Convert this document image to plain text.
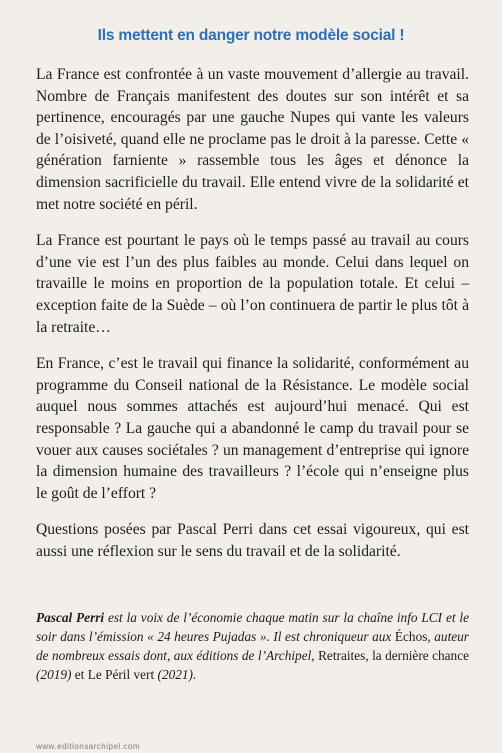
Ils mettent en danger notre modèle social !

La France est confrontée à un vaste mouvement d’allergie au travail. Nombre de Français manifestent des doutes sur son intérêt et sa pertinence, encouragés par une gauche Nupes qui vante les valeurs de l’oisiveté, quand elle ne proclame pas le droit à la paresse. Cette « génération farniente » rassemble tous les âges et dénonce la dimension sacrificielle du travail. Elle entend vivre de la solidarité et met notre société en péril.

La France est pourtant le pays où le temps passé au travail au cours d’une vie est l’un des plus faibles au monde. Celui dans lequel on travaille le moins en proportion de la population totale. Et celui – exception faite de la Suède – où l’on continuera de partir le plus tôt à la retraite…

En France, c’est le travail qui finance la solidarité, conformément au programme du Conseil national de la Résistance. Le modèle social auquel nous sommes attachés est aujourd’hui menacé. Qui est responsable ? La gauche qui a abandonné le camp du travail pour se vouer aux causes sociétales ? un management d’entreprise qui ignore la dimension humaine des travailleurs ? l’école qui n’enseigne plus le goût de l’effort ?

Questions posées par Pascal Perri dans cet essai vigoureux, qui est aussi une réflexion sur le sens du travail et de la solidarité.

Pascal Perri est la voix de l’économie chaque matin sur la chaîne info LCI et le soir dans l’émission « 24 heures Pujadas ». Il est chroniqueur aux Échos, auteur de nombreux essais dont, aux éditions de l’Archipel, Retraites, la dernière chance (2019) et Le Péril vert (2021).
www.editionsarchipel.com
